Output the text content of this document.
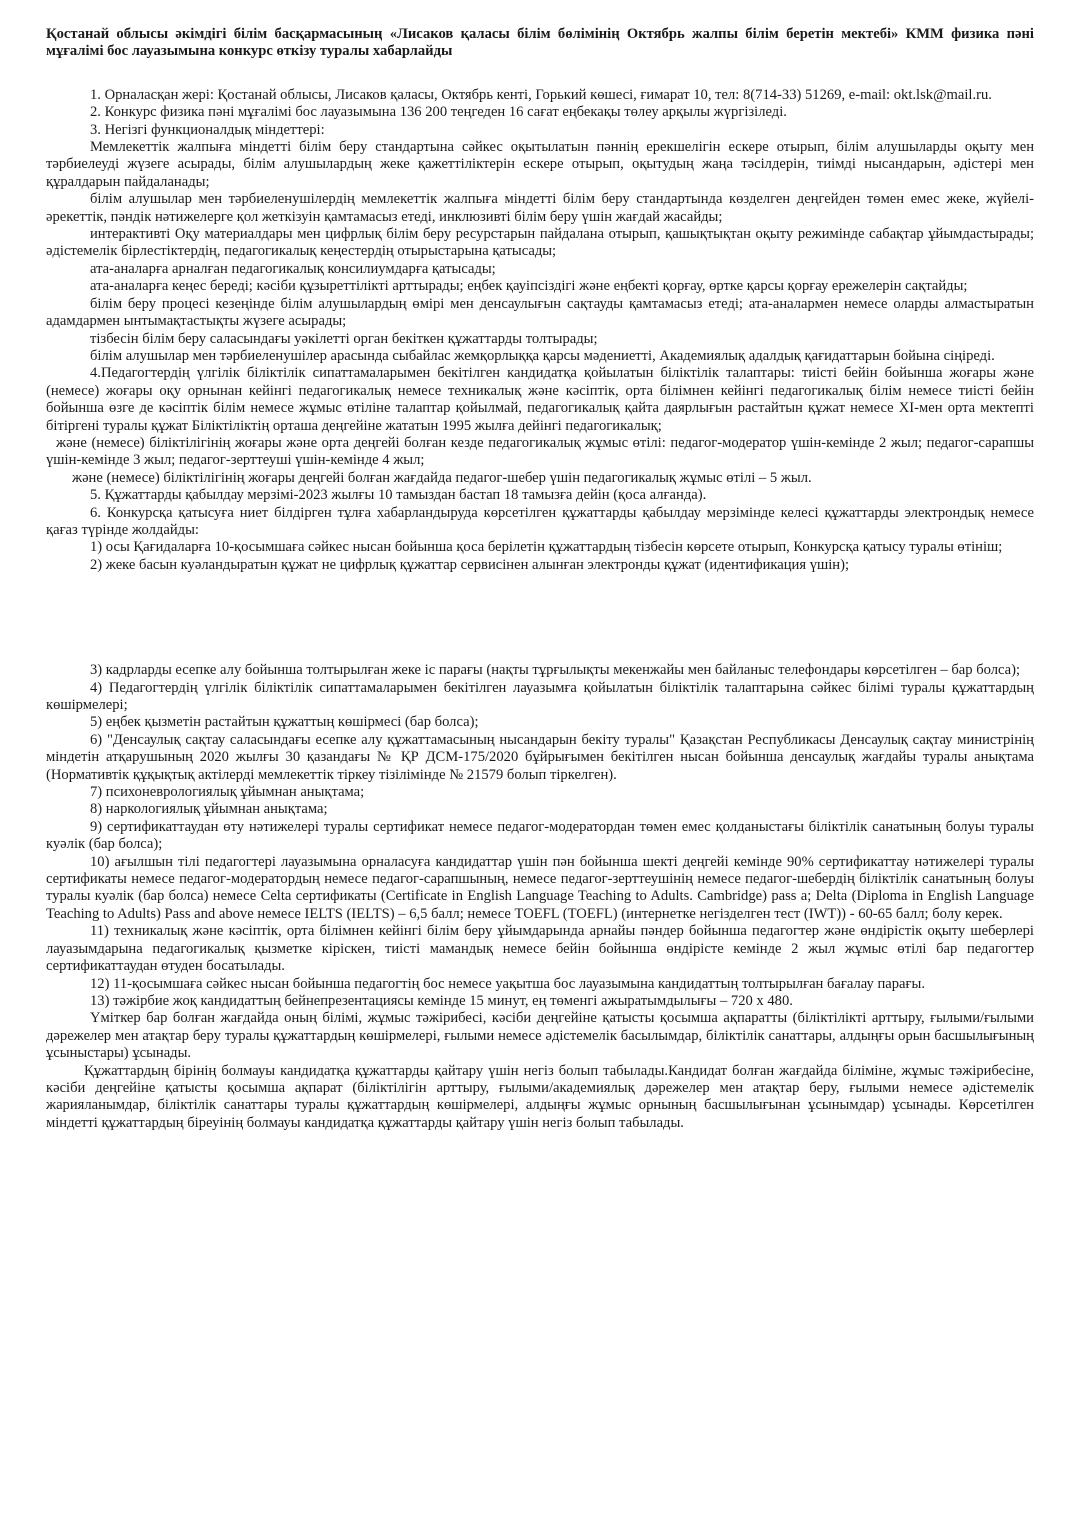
Қостанай облысы әкімдігі білім басқармасының «Лисаков қаласы білім бөлімінің Октябрь жалпы білім беретін мектебі» КММ физика пәні мұғалімі бос лауазымына конкурс өткізу туралы хабарлайды

1. Орналасқан жері: Қостанай облысы, Лисаков қаласы, Октябрь кенті, Горький көшесі, ғимарат 10, тел: 8(714-33) 51269, e-mail: okt.lsk@mail.ru.

2. Конкурс физика пәні мұғалімі бос лауазымына 136 200 теңгеден 16 сағат еңбекақы төлеу арқылы жүргізіледі.

3. Негізгі функционалдық міндеттері:

Мемлекеттік жалпыға міндетті білім беру стандартына сәйкес оқытылатын пәннің ерекшелігін ескере отырып, білім алушыларды оқыту мен тәрбиелеуді жүзеге асырады, білім алушылардың жеке қажеттіліктерін ескере отырып, оқытудың жаңа тәсілдерін, тиімді нысандарын, әдістері мен құралдарын пайдаланады;

білім алушылар мен тәрбиеленушілердің мемлекеттік жалпыға міндетті білім беру стандартында көзделген деңгейден төмен емес жеке, жүйелі-әрекеттік, пәндік нәтижелерге қол жеткізуін қамтамасыз етеді, инклюзивті білім беру үшін жағдай жасайды;

интерактивті Оқу материалдары мен цифрлық білім беру ресурстарын пайдалана отырып, қашықтықтан оқыту режимінде сабақтар ұйымдастырады; әдістемелік бірлестіктердің, педагогикалық кеңестердің отырыстарына қатысады;

ата-аналарға арналған педагогикалық консилиумдарға қатысады;

ата-аналарға кеңес береді; кәсіби құзыреттілікті арттырады; еңбек қауіпсіздігі және еңбекті қорғау, өртке қарсы қорғау ережелерін сақтайды;

білім беру процесі кезеңінде білім алушылардың өмірі мен денсаулығын сақтауды қамтамасыз етеді; ата-аналармен немесе оларды алмастыратын адамдармен ынтымақтастықты жүзеге асырады;

тізбесін білім беру саласындағы уәкілетті орган бекіткен құжаттарды толтырады;

білім алушылар мен тәрбиеленушілер арасында сыбайлас жемқорлыққа қарсы мәдениетті, Академиялық адалдық қағидаттарын бойына сіңіреді.

4.Педагогтердің үлгілік біліктілік сипаттамаларымен бекітілген кандидатқа қойылатын біліктілік талаптары: тиісті бейін бойынша жоғары және (немесе) жоғары оқу орнынан кейінгі педагогикалық немесе техникалық және кәсіптік, орта білімнен кейінгі педагогикалық білім немесе тиісті бейін бойынша өзге де кәсіптік білім немесе жұмыс өтіліне талаптар қойылмай, педагогикалық қайта даярлығын растайтын құжат немесе ХІ-мен орта мектепті бітіргені туралы құжат Біліктіліктің орташа деңгейіне жататын 1995 жылға дейінгі педагогикалық;

және (немесе) біліктілігінің жоғары және орта деңгейі болған кезде педагогикалық жұмыс өтілі: педагог-модератор үшін-кемінде 2 жыл; педагог-сарапшы үшін-кемінде 3 жыл; педагог-зерттеуші үшін-кемінде 4 жыл;

және (немесе) біліктілігінің жоғары деңгейі болған жағдайда педагог-шебер үшін педагогикалық жұмыс өтілі – 5 жыл.

5. Құжаттарды қабылдау мерзімі-2023 жылғы 10 тамыздан бастап 18 тамызға дейін (қоса алғанда).

6. Конкурсқа қатысуға ниет білдірген тұлға хабарландыруда көрсетілген құжаттарды қабылдау мерзімінде келесі құжаттарды электрондық немесе қағаз түрінде жолдайды:

1) осы Қағидаларға 10-қосымшаға сәйкес нысан бойынша қоса берілетін құжаттардың тізбесін көрсете отырып, Конкурсқа қатысу туралы өтініш;

2) жеке басын куәландыратын құжат не цифрлық құжаттар сервисінен алынған электронды құжат (идентификация үшін);

3) кадрларды есепке алу бойынша толтырылған жеке іс парағы (нақты тұрғылықты мекенжайы мен байланыс телефондары көрсетілген – бар болса);

4) Педагогтердің үлгілік біліктілік сипаттамаларымен бекітілген лауазымға қойылатын біліктілік талаптарына сәйкес білімі туралы құжаттардың көшірмелері;

5) еңбек қызметін растайтын құжаттың көшірмесі (бар болса);

6) "Денсаулық сақтау саласындағы есепке алу құжаттамасының нысандарын бекіту туралы" Қазақстан Республикасы Денсаулық сақтау министрінің міндетін атқарушының 2020 жылғы 30 қазандағы № ҚР ДСМ-175/2020 бұйрығымен бекітілген нысан бойынша денсаулық жағдайы туралы анықтама (Нормативтік құқықтық актілерді мемлекеттік тіркеу тізілімінде № 21579 болып тіркелген).

7) психоневрологиялық ұйымнан анықтама;

8) наркологиялық ұйымнан анықтама;

9) сертификаттаудан өту нәтижелері туралы сертификат немесе педагог-модератордан төмен емес қолданыстағы біліктілік санатының болуы туралы куәлік (бар болса);

10) ағылшын тілі педагогтері лауазымына орналасуға кандидаттар үшін пән бойынша шекті деңгейі кемінде 90% сертификаттау нәтижелері туралы сертификаты немесе педагог-модератордың немесе педагог-сарапшының, немесе педагог-зерттеушінің немесе педагог-шебердің біліктілік санатының болуы туралы куәлік (бар болса) немесе Celta сертификаты (Certificate in English Language Teaching to Adults. Cambridge) pass a; Delta (Diploma in English Language Teaching to Adults) Pass and above немесе IELTS (IELTS) – 6,5 балл; немесе TOEFL (TOEFL) (интернетке негізделген тест (IWT)) - 60-65 балл; болу керек.

11) техникалық және кәсіптік, орта білімнен кейінгі білім беру ұйымдарында арнайы пәндер бойынша педагогтер және өндірістік оқыту шеберлері лауазымдарына педагогикалық қызметке кіріскен, тиісті мамандық немесе бейін бойынша өндірісте кемінде 2 жыл жұмыс өтілі бар педагогтер сертификаттаудан өтуден босатылады.

12) 11-қосымшаға сәйкес нысан бойынша педагогтің бос немесе уақытша бос лауазымына кандидаттың толтырылған бағалау парағы.

13) тәжірбие жоқ кандидаттың бейнепрезентациясы кемінде 15 минут, ең төменгі ажыратымдылығы – 720 x 480.

Үміткер бар болған жағдайда оның білімі, жұмыс тәжірибесі, кәсіби деңгейіне қатысты қосымша ақпаратты (біліктілікті арттыру, ғылыми/ғылыми дәрежелер мен атақтар беру туралы құжаттардың көшірмелері, ғылыми немесе әдістемелік басылымдар, біліктілік санаттары, алдыңғы орын басшылығының ұсыныстары) ұсынады.

Құжаттардың бірінің болмауы кандидатқа құжаттарды қайтару үшін негіз болып табылады.Кандидат болған жағдайда біліміне, жұмыс тәжірибесіне, кәсіби деңгейіне қатысты қосымша ақпарат (біліктілігін арттыру, ғылыми/академиялық дәрежелер мен атақтар беру, ғылыми немесе әдістемелік жарияланымдар, біліктілік санаттары туралы құжаттардың көшірмелері, алдыңғы жұмыс орнының басшылығынан ұсынымдар) ұсынады. Көрсетілген міндетті құжаттардың біреуінің болмауы кандидатқа құжаттарды қайтару үшін негіз болып табылады.
